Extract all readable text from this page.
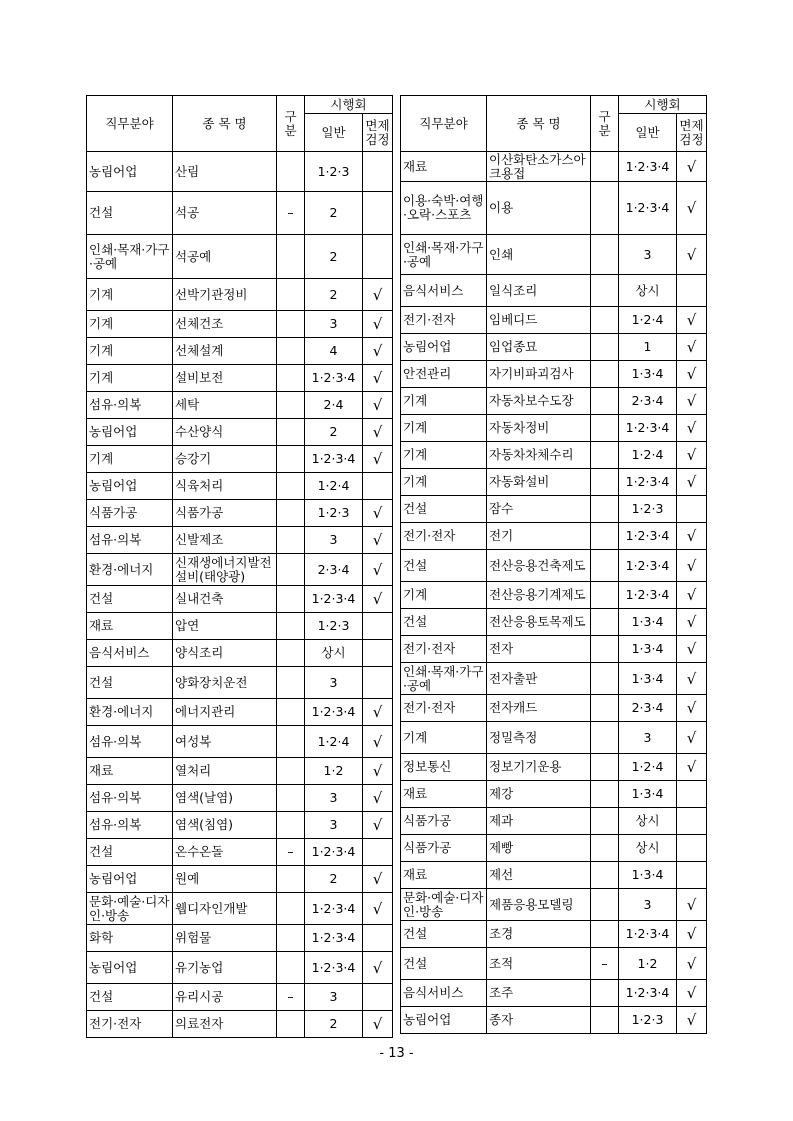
직무분야	종 목 명	구분	시행회	
			일반	면제검정
농림어업	산림		1·2·3	
건설	석공	–	2	
인쇄·목재·가구·공예	석공예		2	
기계	선박기관정비		2	√
기계	선체건조		3	√
기계	선체설계		4	√
기계	설비보전		1·2·3·4	√
섬유·의복	세탁		2·4	√
농림어업	수산양식		2	√
기계	승강기		1·2·3·4	√
농림어업	식육처리		1·2·4	
식품가공	식품가공		1·2·3	√
섬유·의복	신발제조		3	√
환경·에너지	신재생에너지발전설비(태양광)		2·3·4	√
건설	실내건축		1·2·3·4	√
재료	압연		1·2·3	
음식서비스	양식조리		상시	
건설	양화장치운전		3	
환경·에너지	에너지관리		1·2·3·4	√
섬유·의복	여성복		1·2·4	√
재료	열처리		1·2	√
섬유·의복	염색(날염)		3	√
섬유·의복	염색(침염)		3	√
건설	온수온돌	–	1·2·3·4	
농림어업	원예		2	√
문화·예술·디자인·방송	웹디자인개발		1·2·3·4	√
화학	위험물		1·2·3·4	
농림어업	유기농업		1·2·3·4	√
건설	유리시공	–	3	
전기·전자	의료전자		2	√
직무분야	종 목 명	구분	시행회	
			일반	면제검정
재료	이산화탄소가스아크용접		1·2·3·4	√
이용·숙박·여행·오락·스포츠	이용		1·2·3·4	√
인쇄·목재·가구·공예	인쇄		3	√
음식서비스	일식조리		상시	
전기·전자	임베디드		1·2·4	√
농림어업	임업종묘		1	√
안전관리	자기비파괴검사		1·3·4	√
기계	자동차보수도장		2·3·4	√
기계	자동차정비		1·2·3·4	√
기계	자동차차체수리		1·2·4	√
기계	자동화설비		1·2·3·4	√
건설	잠수		1·2·3	
전기·전자	전기		1·2·3·4	√
건설	전산응용건축제도		1·2·3·4	√
기계	전산응용기계제도		1·2·3·4	√
건설	전산응용토목제도		1·3·4	√
전기·전자	전자		1·3·4	√
인쇄·목재·가구·공예	전자출판		1·3·4	√
전기·전자	전자캐드		2·3·4	√
기계	정밀측정		3	√
정보통신	정보기기운용		1·2·4	√
재료	제강		1·3·4	
식품가공	제과		상시	
식품가공	제빵		상시	
재료	제선		1·3·4	
문화·예술·디자인·방송	제품응용모델링		3	√
건설	조경		1·2·3·4	√
건설	조적	–	1·2	√
음식서비스	조주		1·2·3·4	√
농림어업	종자		1·2·3	√
- 13 -
